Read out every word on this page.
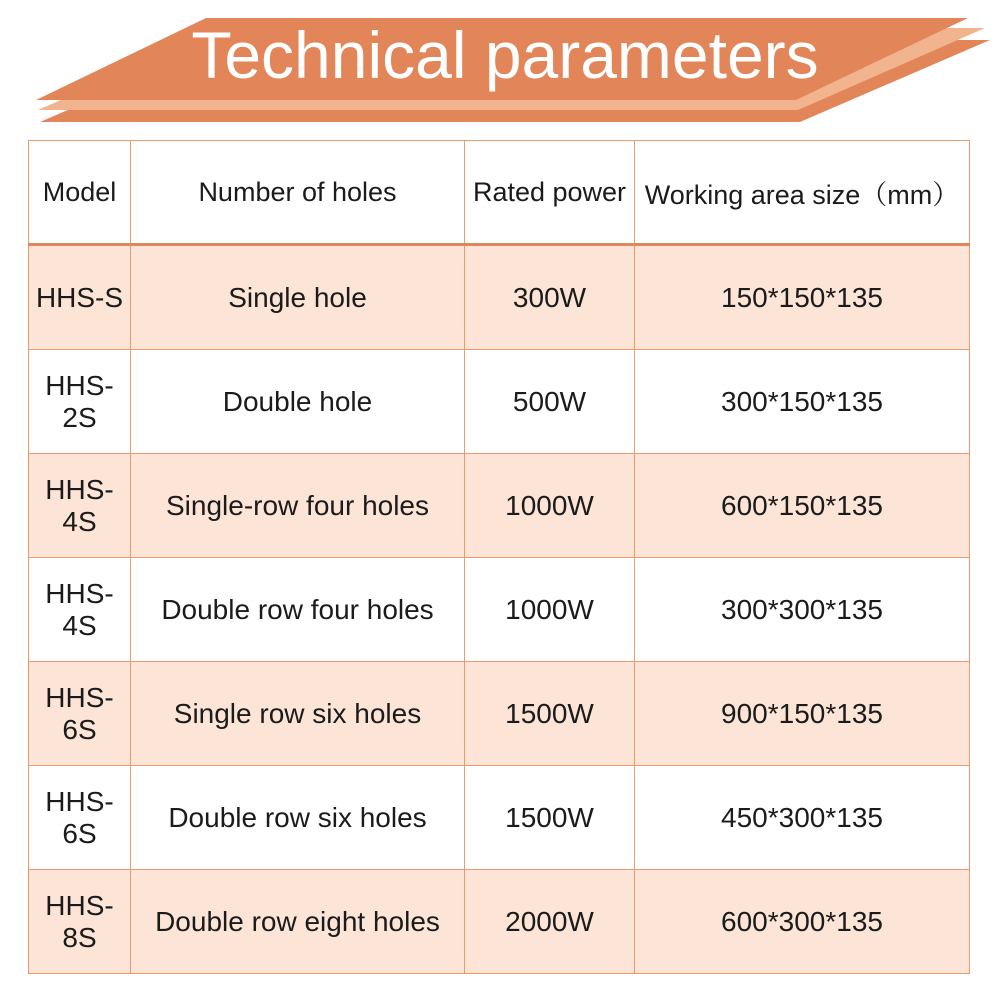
Technical parameters
Model	Number of holes	Rated power	Working area size（mm）
HHS-S	Single hole	300W	150*150*135
HHS-2S	Double hole	500W	300*150*135
HHS-4S	Single-row four holes	1000W	600*150*135
HHS-4S	Double row four holes	1000W	300*300*135
HHS-6S	Single row six holes	1500W	900*150*135
HHS-6S	Double row six holes	1500W	450*300*135
HHS-8S	Double row eight holes	2000W	600*300*135
